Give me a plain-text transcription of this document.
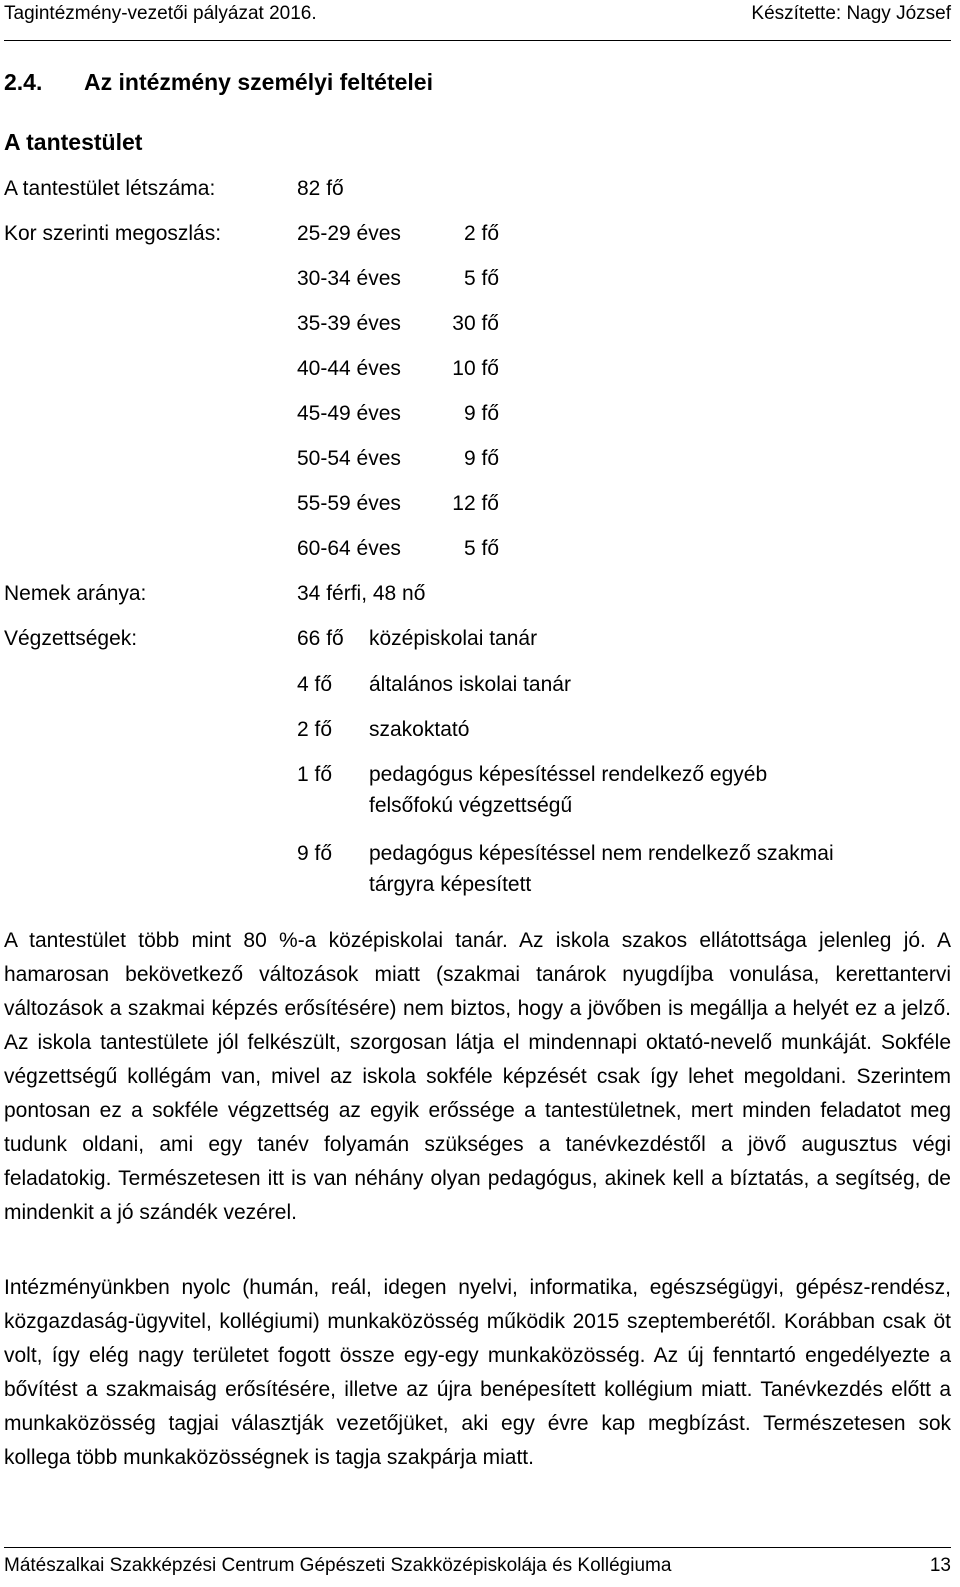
Tagintézmény-vezetői pályázat 2016.	Készítette: Nagy József
2.4. Az intézmény személyi feltételei
A tantestület
A tantestület létszáma:	82 fő
Kor szerinti megoszlás:	25-29 éves	2 fő
30-34 éves	5 fő
35-39 éves	30 fő
40-44 éves	10 fő
45-49 éves	9 fő
50-54 éves	9 fő
55-59 éves	12 fő
60-64 éves	5 fő
Nemek aránya:	34 férfi, 48 nő
Végzettségek:	66 fő középiskolai tanár
4 fő általános iskolai tanár
2 fő szakoktató
1 fő pedagógus képesítéssel rendelkező egyéb
felsőfokú végzettségű
9 fő pedagógus képesítéssel nem rendelkező szakmai
tárgyra képesített

A tantestület több mint 80 %-a középiskolai tanár. Az iskola szakos ellátottsága jelenleg jó. A hamarosan bekövetkező változások miatt (szakmai tanárok nyugdíjba vonulása, kerettantervi változások a szakmai képzés erősítésére) nem biztos, hogy a jövőben is megállja a helyét ez a jelző. Az iskola tantestülete jól felkészült, szorgosan látja el mindennapi oktató-nevelő munkáját. Sokféle végzettségű kollégám van, mivel az iskola sokféle képzését csak így lehet megoldani. Szerintem pontosan ez a sokféle végzettség az egyik erőssége a tantestületnek, mert minden feladatot meg tudunk oldani, ami egy tanév folyamán szükséges a tanévkezdéstől a jövő augusztus végi feladatokig. Természetesen itt is van néhány olyan pedagógus, akinek kell a bíztatás, a segítség, de mindenkit a jó szándék vezérel.

Intézményünkben nyolc (humán, reál, idegen nyelvi, informatika, egészségügyi, gépész-rendész, közgazdaság-ügyvitel, kollégiumi) munkaközösség működik 2015 szeptemberétől. Korábban csak öt volt, így elég nagy területet fogott össze egy-egy munkaközösség. Az új fenntartó engedélyezte a bővítést a szakmaiság erősítésére, illetve az újra benépesített kollégium miatt. Tanévkezdés előtt a munkaközösség tagjai választják vezetőjüket, aki egy évre kap megbízást. Természetesen sok kollega több munkaközösségnek is tagja szakpárja miatt.

Mátészalkai Szakképzési Centrum Gépészeti Szakközépiskolája és Kollégiuma	13
